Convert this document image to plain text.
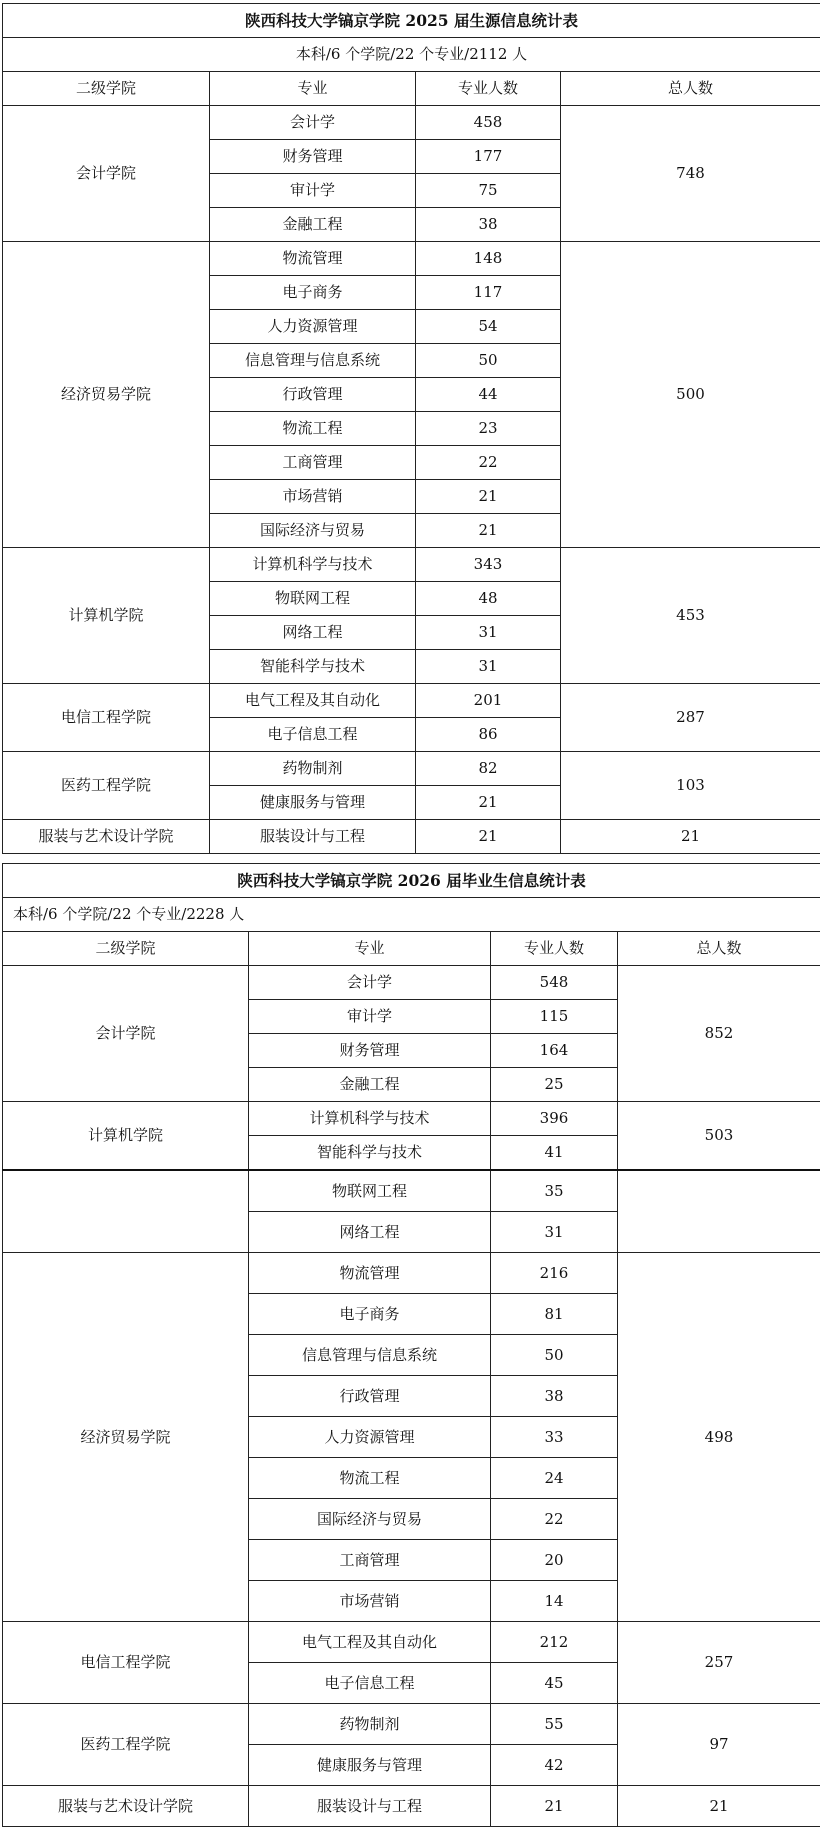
陕西科技大学镐京学院 2025 届生源信息统计表			
本科/6 个学院/22 个专业/2112 人			
二级学院	专业	专业人数	总人数
会计学院	会计学	458	748
	财务管理	177	
	审计学	75	
	金融工程	38	
经济贸易学院	物流管理	148	500
	电子商务	117	
	人力资源管理	54	
	信息管理与信息系统	50	
	行政管理	44	
	物流工程	23	
	工商管理	22	
	市场营销	21	
	国际经济与贸易	21	
计算机学院	计算机科学与技术	343	453
	物联网工程	48	
	网络工程	31	
	智能科学与技术	31	
电信工程学院	电气工程及其自动化	201	287
	电子信息工程	86	
医药工程学院	药物制剂	82	103
	健康服务与管理	21	
服装与艺术设计学院	服装设计与工程	21	21
陕西科技大学镐京学院 2026 届毕业生信息统计表			
本科/6 个学院/22 个专业/2228 人			
二级学院	专业	专业人数	总人数
会计学院	会计学	548	852
	审计学	115	
	财务管理	164	
	金融工程	25	
计算机学院	计算机科学与技术	396	503
	智能科学与技术	41	
	物联网工程	35	
	网络工程	31	
经济贸易学院	物流管理	216	498
	电子商务	81	
	信息管理与信息系统	50	
	行政管理	38	
	人力资源管理	33	
	物流工程	24	
	国际经济与贸易	22	
	工商管理	20	
	市场营销	14	
电信工程学院	电气工程及其自动化	212	257
	电子信息工程	45	
医药工程学院	药物制剂	55	97
	健康服务与管理	42	
服装与艺术设计学院	服装设计与工程	21	21
